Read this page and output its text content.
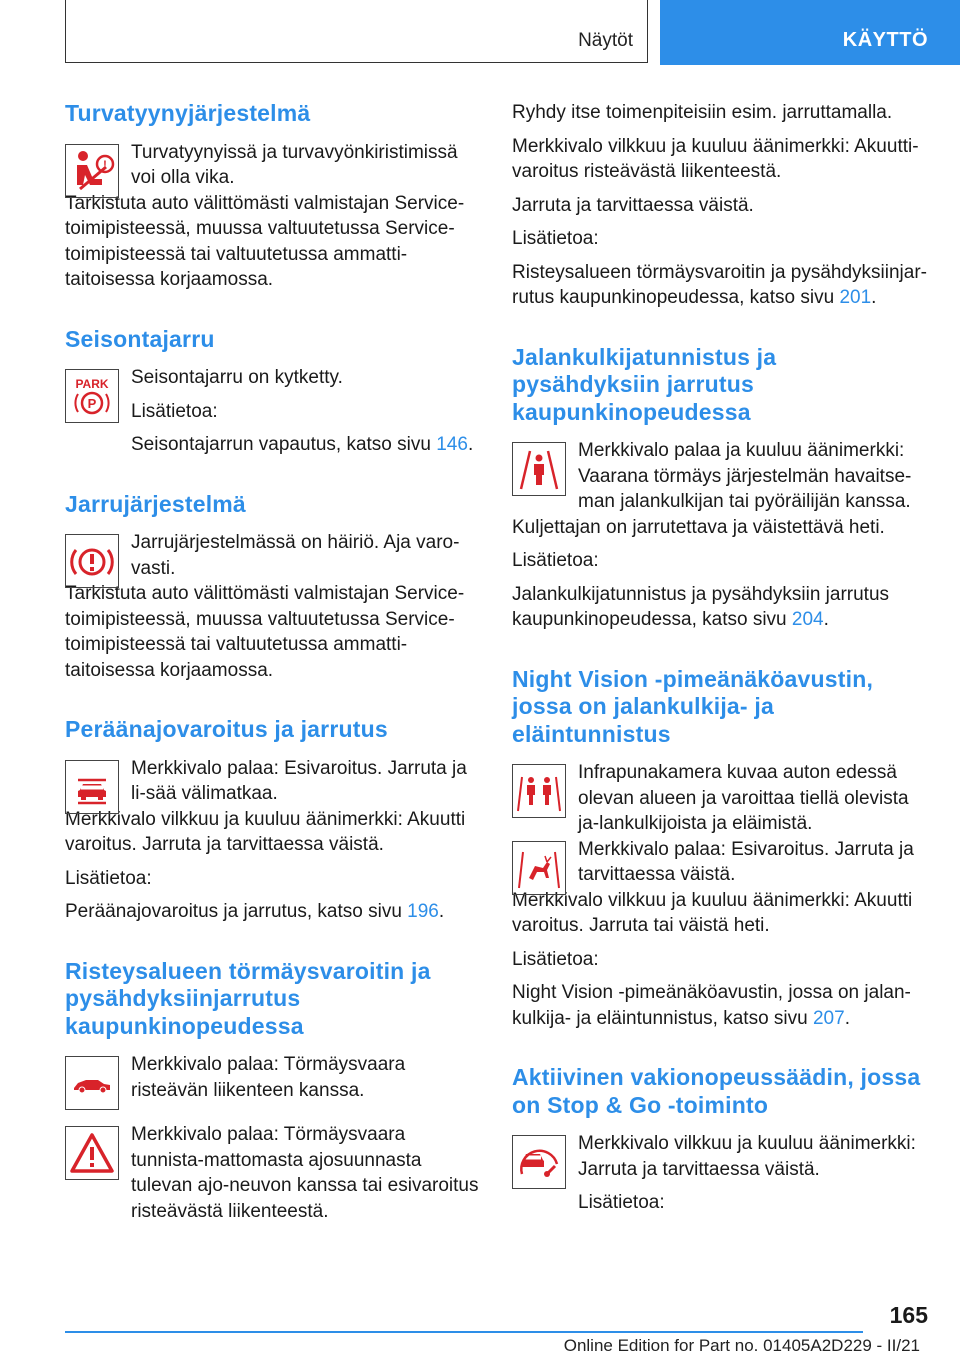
Näytöt	KÄYTTÖ
Turvatyynyjärjestelmä
!

Turvatyynyissä ja turvavyönkiristimissä voi olla vika.

Tarkistuta auto välittömästi valmistajan Service-toimipisteessä, muussa valtuutetussa Service-toimipisteessä tai valtuutetussa ammatti-taitoisessa korjaamossa.

Seisontajarru
PARK
P

Seisontajarru on kytketty.

Lisätietoa:

Seisontajarrun vapautus, katso sivu 146.

Jarrujärjestelmä

Jarrujärjestelmässä on häiriö. Aja varo-vasti.

Tarkistuta auto välittömästi valmistajan Service-toimipisteessä, muussa valtuutetussa Service-toimipisteessä tai valtuutetussa ammatti-taitoisessa korjaamossa.

Peräänajovaroitus ja jarrutus

Merkkivalo palaa: Esivaroitus. Jarruta ja li-sää välimatkaa.

Merkkivalo vilkkuu ja kuuluu äänimerkki: Akuutti varoitus. Jarruta ja tarvittaessa väistä.

Lisätietoa:

Peräänajovaroitus ja jarrutus, katso sivu 196.

Risteysalueen törmäysvaroitin ja pysähdyksiinjarrutus kaupunkinopeudessa

Merkkivalo palaa: Törmäysvaara risteävän liikenteen kanssa.

Merkkivalo palaa: Törmäysvaara tunnista-mattomasta ajosuunnasta tulevan ajo-neuvon kanssa tai esivaroitus risteävästä liikenteestä.

Ryhdy itse toimenpiteisiin esim. jarruttamalla.

Merkkivalo vilkkuu ja kuuluu äänimerkki: Akuutti-varoitus risteävästä liikenteestä.

Jarruta ja tarvittaessa väistä.

Lisätietoa:

Risteysalueen törmäysvaroitin ja pysähdyksiinjar-rutus kaupunkinopeudessa, katso sivu 201.

Jalankulkijatunnistus ja pysähdyksiin jarrutus kaupunkinopeudessa

Merkkivalo palaa ja kuuluu äänimerkki: Vaarana törmäys järjestelmän havaitse-man jalankulkijan tai pyöräilijän kanssa.

Kuljettajan on jarrutettava ja väistettävä heti.

Lisätietoa:

Jalankulkijatunnistus ja pysähdyksiin jarrutus kaupunkinopeudessa, katso sivu 204.

Night Vision -pimeänäköavustin, jossa on jalankulkija- ja eläintunnistus

Infrapunakamera kuvaa auton edessä olevan alueen ja varoittaa tiellä olevista ja-lankulkijoista ja eläimistä.

Merkkivalo palaa: Esivaroitus. Jarruta ja tarvittaessa väistä.

Merkkivalo vilkkuu ja kuuluu äänimerkki: Akuutti varoitus. Jarruta tai väistä heti.

Lisätietoa:

Night Vision -pimeänäköavustin, jossa on jalan-kulkija- ja eläintunnistus, katso sivu 207.

Aktiivinen vakionopeussäädin, jossa on Stop & Go -toiminto

Merkkivalo vilkkuu ja kuuluu äänimerkki: Jarruta ja tarvittaessa väistä.

Lisätietoa:

165
Online Edition for Part no. 01405A2D229 - II/21
